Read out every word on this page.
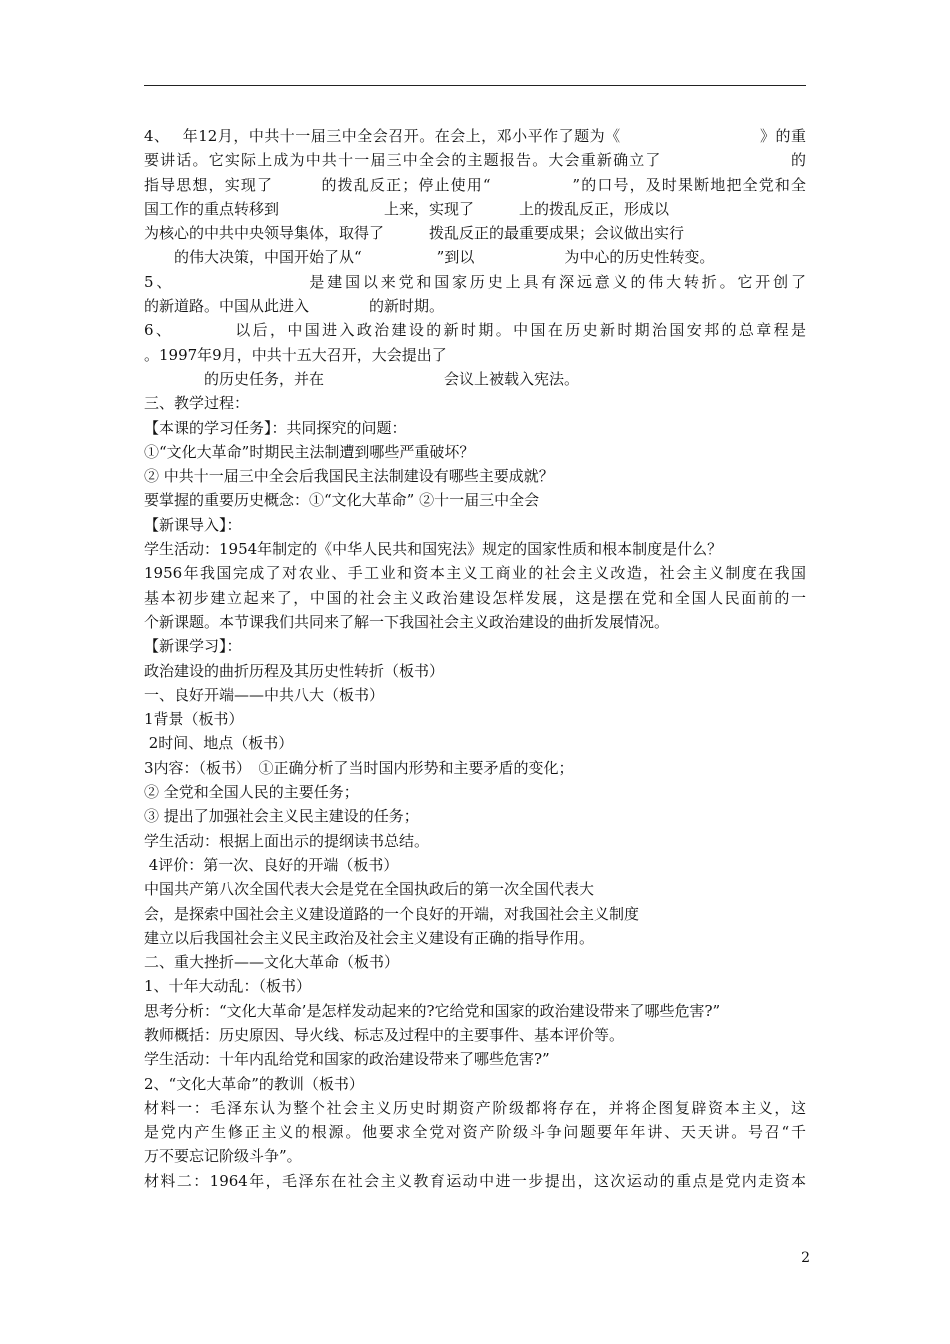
4、　 年12月，中共十一届三中全会召开。在会上，邓小平作了题为《　　　　　　　　　》的重
要讲话。它实际上成为中共十一届三中全会的主题报告。大会重新确立了　　　　　　　　的
指导思想，实现了　　　的拨乱反正；停止使用“　　　　　”的口号，及时果断地把全党和全
国工作的重点转移到　　　　　　　上来，实现了　　　上的拨乱反正，形成以
为核心的中共中央领导集体，取得了　　　拨乱反正的最重要成果；会议做出实行
　　的伟大决策，中国开始了从“　　　　　”到以　　　　　　为中心的历史性转变。
5、　　　　　　　　是建国以来党和国家历史上具有深远意义的伟大转折。它开创了
的新道路。中国从此进入　　　　的新时期。
6、　　　　以后，中国进入政治建设的新时期。中国在历史新时期治国安邦的总章程是
。1997年9月，中共十五大召开，大会提出了
　　　　的历史任务，并在　　　　　　　　会议上被载入宪法。
三、教学过程：
【本课的学习任务】：共同探究的问题：
①“文化大革命”时期民主法制遭到哪些严重破坏？
② 中共十一届三中全会后我国民主法制建设有哪些主要成就？
要掌握的重要历史概念：①“文化大革命” ②十一届三中全会
【新课导入】：
学生活动：1954年制定的《中华人民共和国宪法》规定的国家性质和根本制度是什么？
1956年我国完成了对农业、手工业和资本主义工商业的社会主义改造，社会主义制度在我国
基本初步建立起来了，中国的社会主义政治建设怎样发展，这是摆在党和全国人民面前的一
个新课题。本节课我们共同来了解一下我国社会主义政治建设的曲折发展情况。
【新课学习】：
政治建设的曲折历程及其历史性转折（板书）
一、良好开端——中共八大（板书）
1背景（板书）
2时间、地点（板书）
3内容：（板书）　①正确分析了当时国内形势和主要矛盾的变化；
② 全党和全国人民的主要任务；
③ 提出了加强社会主义民主建设的任务；
学生活动：根据上面出示的提纲读书总结。
4评价：第一次、良好的开端（板书）
中国共产第八次全国代表大会是党在全国执政后的第一次全国代表大
会，是探索中国社会主义建设道路的一个良好的开端，对我国社会主义制度
建立以后我国社会主义民主政治及社会主义建设有正确的指导作用。
二、重大挫折——文化大革命（板书）
1、十年大动乱：（板书）
思考分析：“文化大革命’是怎样发动起来的?它给党和国家的政治建设带来了哪些危害?”
教师概括：历史原因、导火线、标志及过程中的主要事件、基本评价等。
学生活动：十年内乱给党和国家的政治建设带来了哪些危害?”
2、“文化大革命”的教训（板书）
材料一：毛泽东认为整个社会主义历史时期资产阶级都将存在，并将企图复辟资本主义，这
是党内产生修正主义的根源。他要求全党对资产阶级斗争问题要年年讲、天天讲。号召“千
万不要忘记阶级斗争”。
材料二：1964年，毛泽东在社会主义教育运动中进一步提出，这次运动的重点是党内走资本
2
